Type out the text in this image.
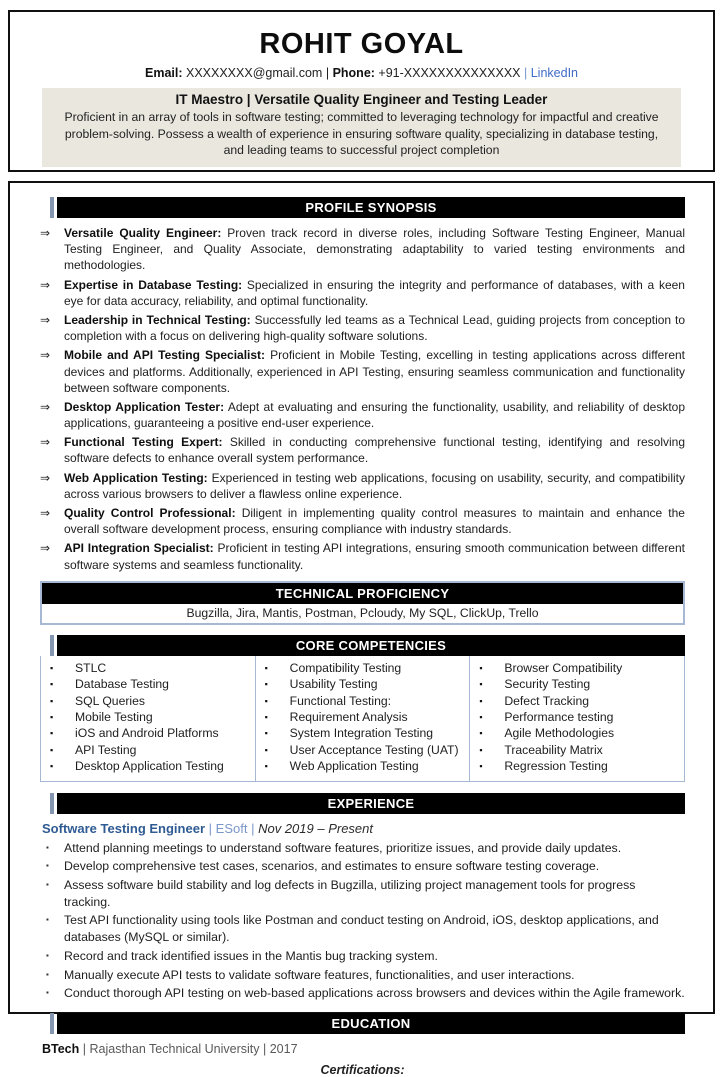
ROHIT GOYAL
Email: XXXXXXXX@gmail.com | Phone: +91-XXXXXXXXXXXXXX | LinkedIn
IT Maestro | Versatile Quality Engineer and Testing Leader
Proficient in an array of tools in software testing; committed to leveraging technology for impactful and creative problem-solving. Possess a wealth of experience in ensuring software quality, specializing in database testing, and leading teams to successful project completion
PROFILE SYNOPSIS
⇒	Versatile Quality Engineer: Proven track record in diverse roles, including Software Testing Engineer, Manual Testing Engineer, and Quality Associate, demonstrating adaptability to varied testing environments and methodologies.
⇒	Expertise in Database Testing: Specialized in ensuring the integrity and performance of databases, with a keen eye for data accuracy, reliability, and optimal functionality.
⇒	Leadership in Technical Testing: Successfully led teams as a Technical Lead, guiding projects from conception to completion with a focus on delivering high-quality software solutions.
⇒	Mobile and API Testing Specialist: Proficient in Mobile Testing, excelling in testing applications across different devices and platforms. Additionally, experienced in API Testing, ensuring seamless communication and functionality between software components.
⇒	Desktop Application Tester: Adept at evaluating and ensuring the functionality, usability, and reliability of desktop applications, guaranteeing a positive end-user experience.
⇒	Functional Testing Expert: Skilled in conducting comprehensive functional testing, identifying and resolving software defects to enhance overall system performance.
⇒	Web Application Testing: Experienced in testing web applications, focusing on usability, security, and compatibility across various browsers to deliver a flawless online experience.
⇒	Quality Control Professional: Diligent in implementing quality control measures to maintain and enhance the overall software development process, ensuring compliance with industry standards.
⇒	API Integration Specialist: Proficient in testing API integrations, ensuring smooth communication between different software systems and seamless functionality.
TECHNICAL PROFICIENCY
Bugzilla, Jira, Mantis, Postman, Pcloudy, My SQL, ClickUp, Trello
CORE COMPETENCIES
▪	STLC
▪	Database Testing
▪	SQL Queries
▪	Mobile Testing
▪	iOS and Android Platforms
▪	API Testing
▪	Desktop Application Testing
▪	Compatibility Testing
▪	Usability Testing
▪	Functional Testing:
▪	Requirement Analysis
▪	System Integration Testing
▪	User Acceptance Testing (UAT)
▪	Web Application Testing
▪	Browser Compatibility
▪	Security Testing
▪	Defect Tracking
▪	Performance testing
▪	Agile Methodologies
▪	Traceability Matrix
▪	Regression Testing
EXPERIENCE
Software Testing Engineer | ESoft | Nov 2019 – Present
▪	Attend planning meetings to understand software features, prioritize issues, and provide daily updates.
▪	Develop comprehensive test cases, scenarios, and estimates to ensure software testing coverage.
▪	Assess software build stability and log defects in Bugzilla, utilizing project management tools for progress tracking.
▪	Test API functionality using tools like Postman and conduct testing on Android, iOS, desktop applications, and databases (MySQL or similar).
▪	Record and track identified issues in the Mantis bug tracking system.
▪	Manually execute API tests to validate software features, functionalities, and user interactions.
▪	Conduct thorough API testing on web-based applications across browsers and devices within the Agile framework.
EDUCATION
BTech | Rajasthan Technical University | 2017
Certifications:
